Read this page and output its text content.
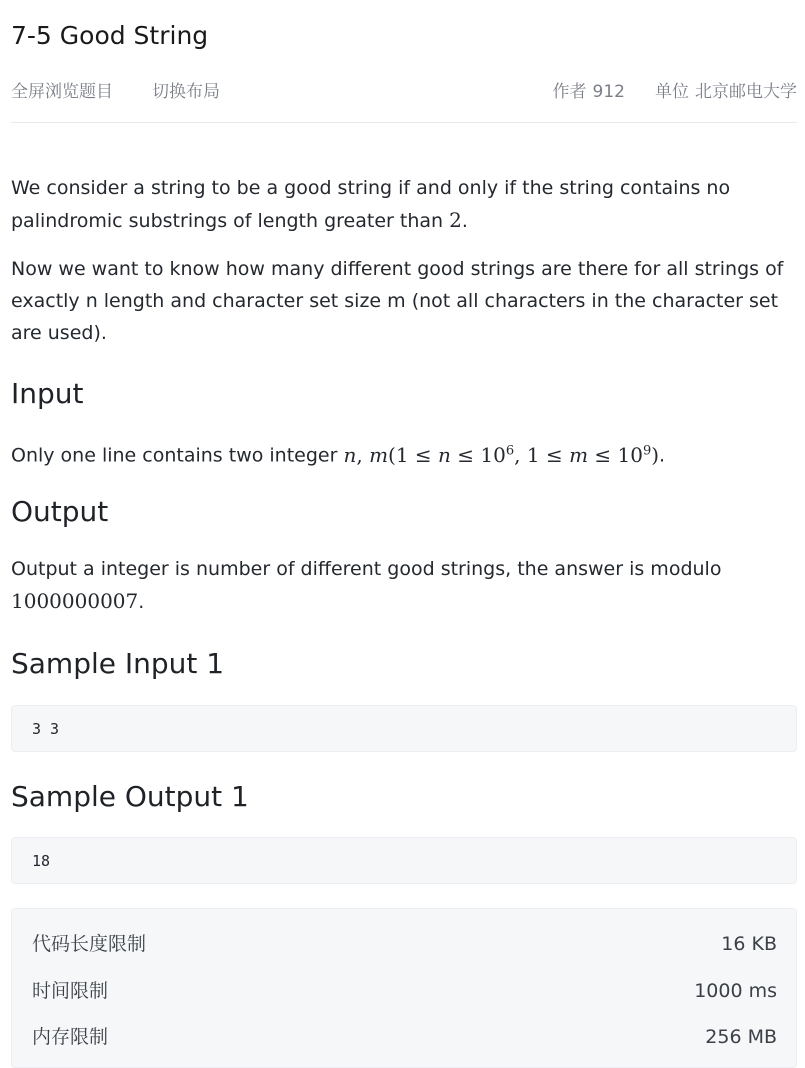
7-5 Good String
全屏浏览题目 切换布局	作者 912 单位 北京邮电大学

We consider a string to be a good string if and only if the string contains no palindromic substrings of length greater than 2.

Now we want to know how many different good strings are there for all strings of exactly n length and character set size m (not all characters in the character set are used).

Input

Only one line contains two integer n, $m(1 \le n \le 10^6$, $1 \le m \le 10^9$).

Output

Output a integer is number of different good strings, the answer is modulo 1000000007.

Sample Input 1
3 3
Sample Output 1
18
代码长度限制	16 KB
时间限制	1000 ms
内存限制	256 MB
